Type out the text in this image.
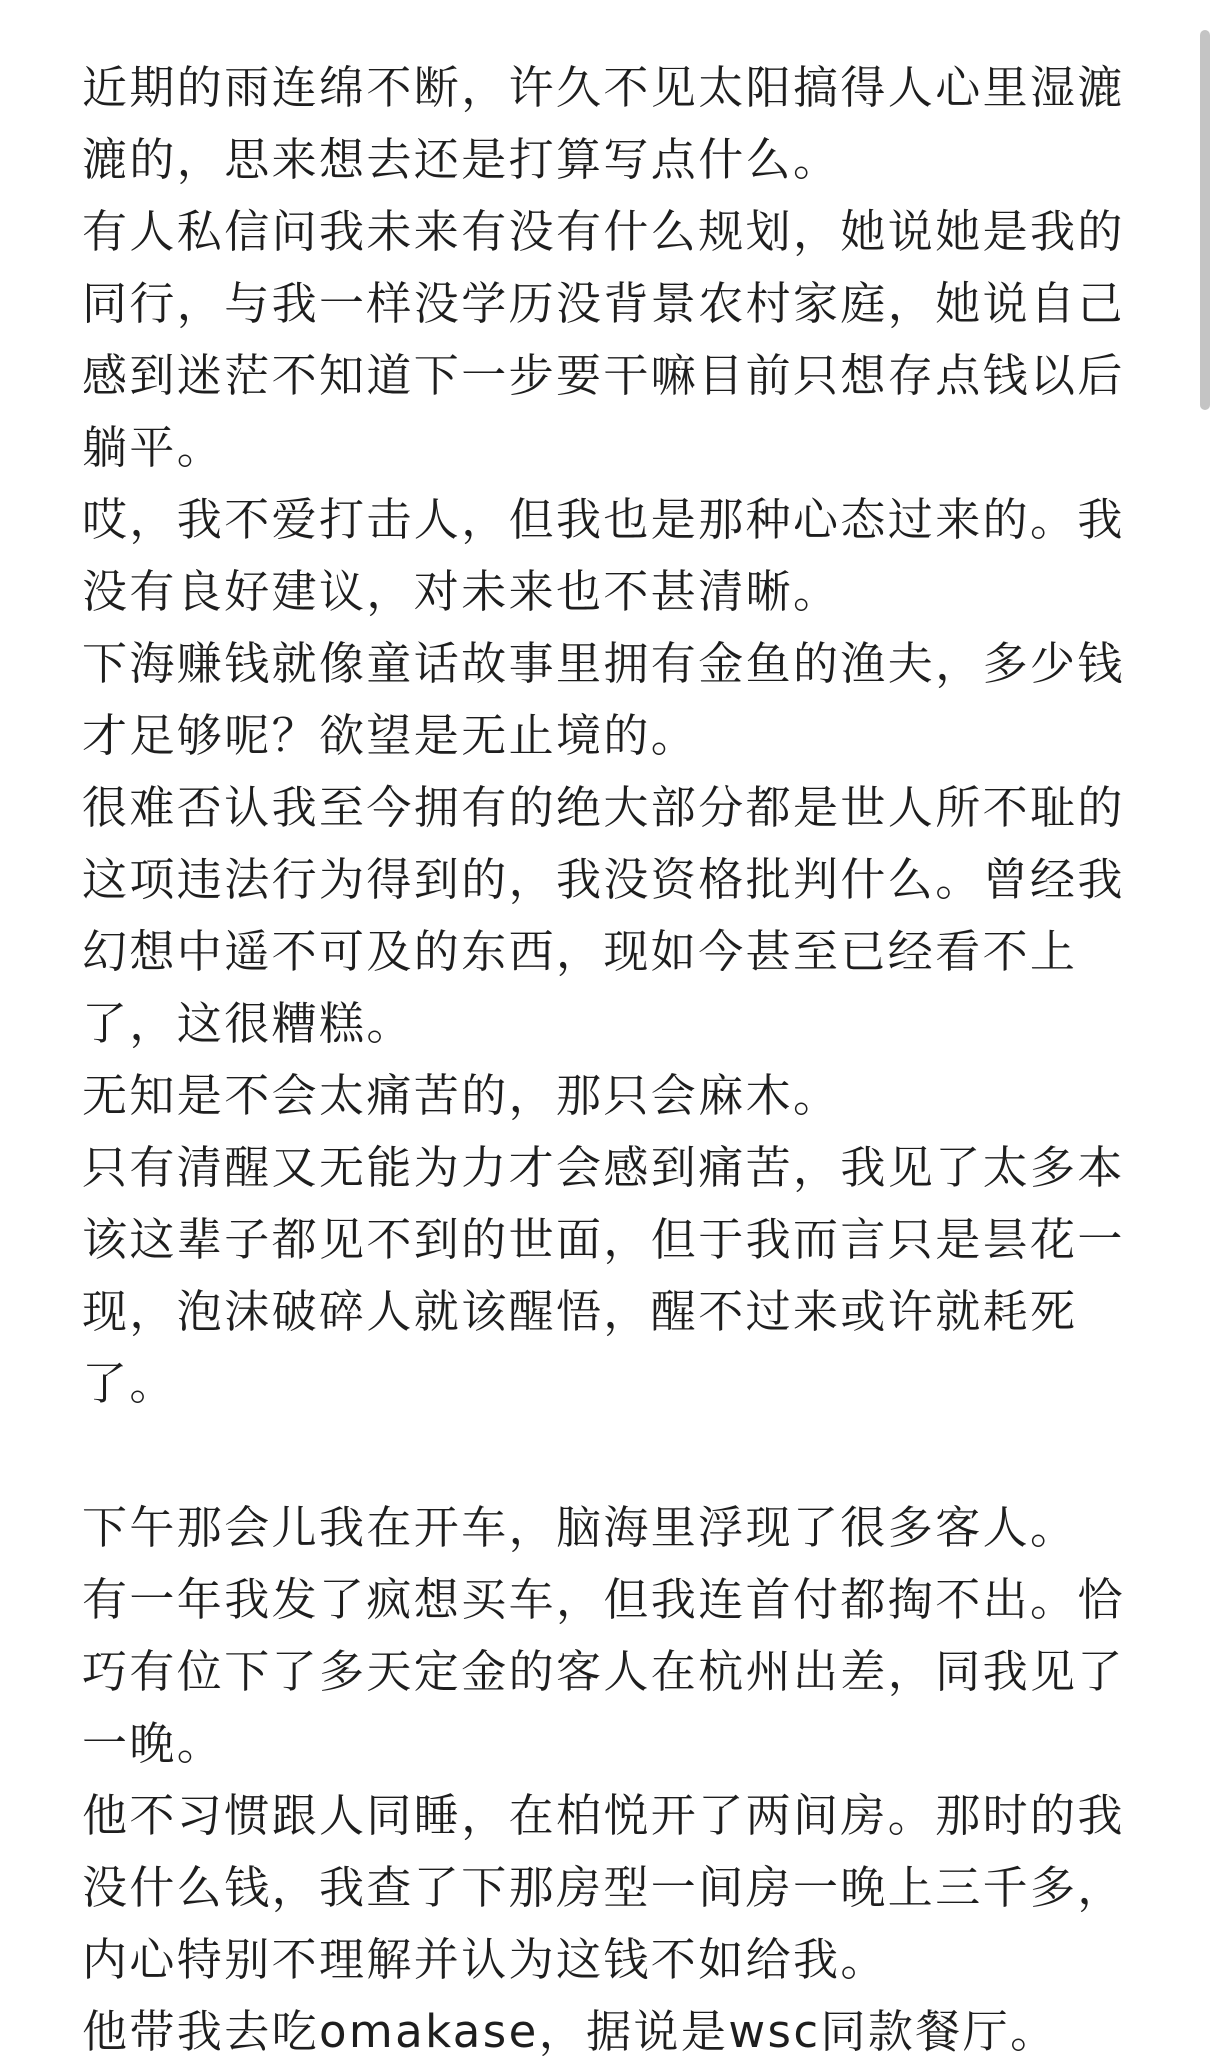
近期的雨连绵不断，许久不见太阳搞得人心里湿漉
漉的，思来想去还是打算写点什么。
有人私信问我未来有没有什么规划，她说她是我的
同行，与我一样没学历没背景农村家庭，她说自己
感到迷茫不知道下一步要干嘛目前只想存点钱以后
躺平。
哎，我不爱打击人，但我也是那种心态过来的。我
没有良好建议，对未来也不甚清晰。
下海赚钱就像童话故事里拥有金鱼的渔夫，多少钱
才足够呢？欲望是无止境的。
很难否认我至今拥有的绝大部分都是世人所不耻的
这项违法行为得到的，我没资格批判什么。曾经我
幻想中遥不可及的东西，现如今甚至已经看不上
了，这很糟糕。
无知是不会太痛苦的，那只会麻木。
只有清醒又无能为力才会感到痛苦，我见了太多本
该这辈子都见不到的世面，但于我而言只是昙花一
现，泡沫破碎人就该醒悟，醒不过来或许就耗死
了。
下午那会儿我在开车，脑海里浮现了很多客人。
有一年我发了疯想买车，但我连首付都掏不出。恰
巧有位下了多天定金的客人在杭州出差，同我见了
一晚。
他不习惯跟人同睡，在柏悦开了两间房。那时的我
没什么钱，我查了下那房型一间房一晚上三千多，
内心特别不理解并认为这钱不如给我。
他带我去吃omakase，据说是wsc同款餐厅。
